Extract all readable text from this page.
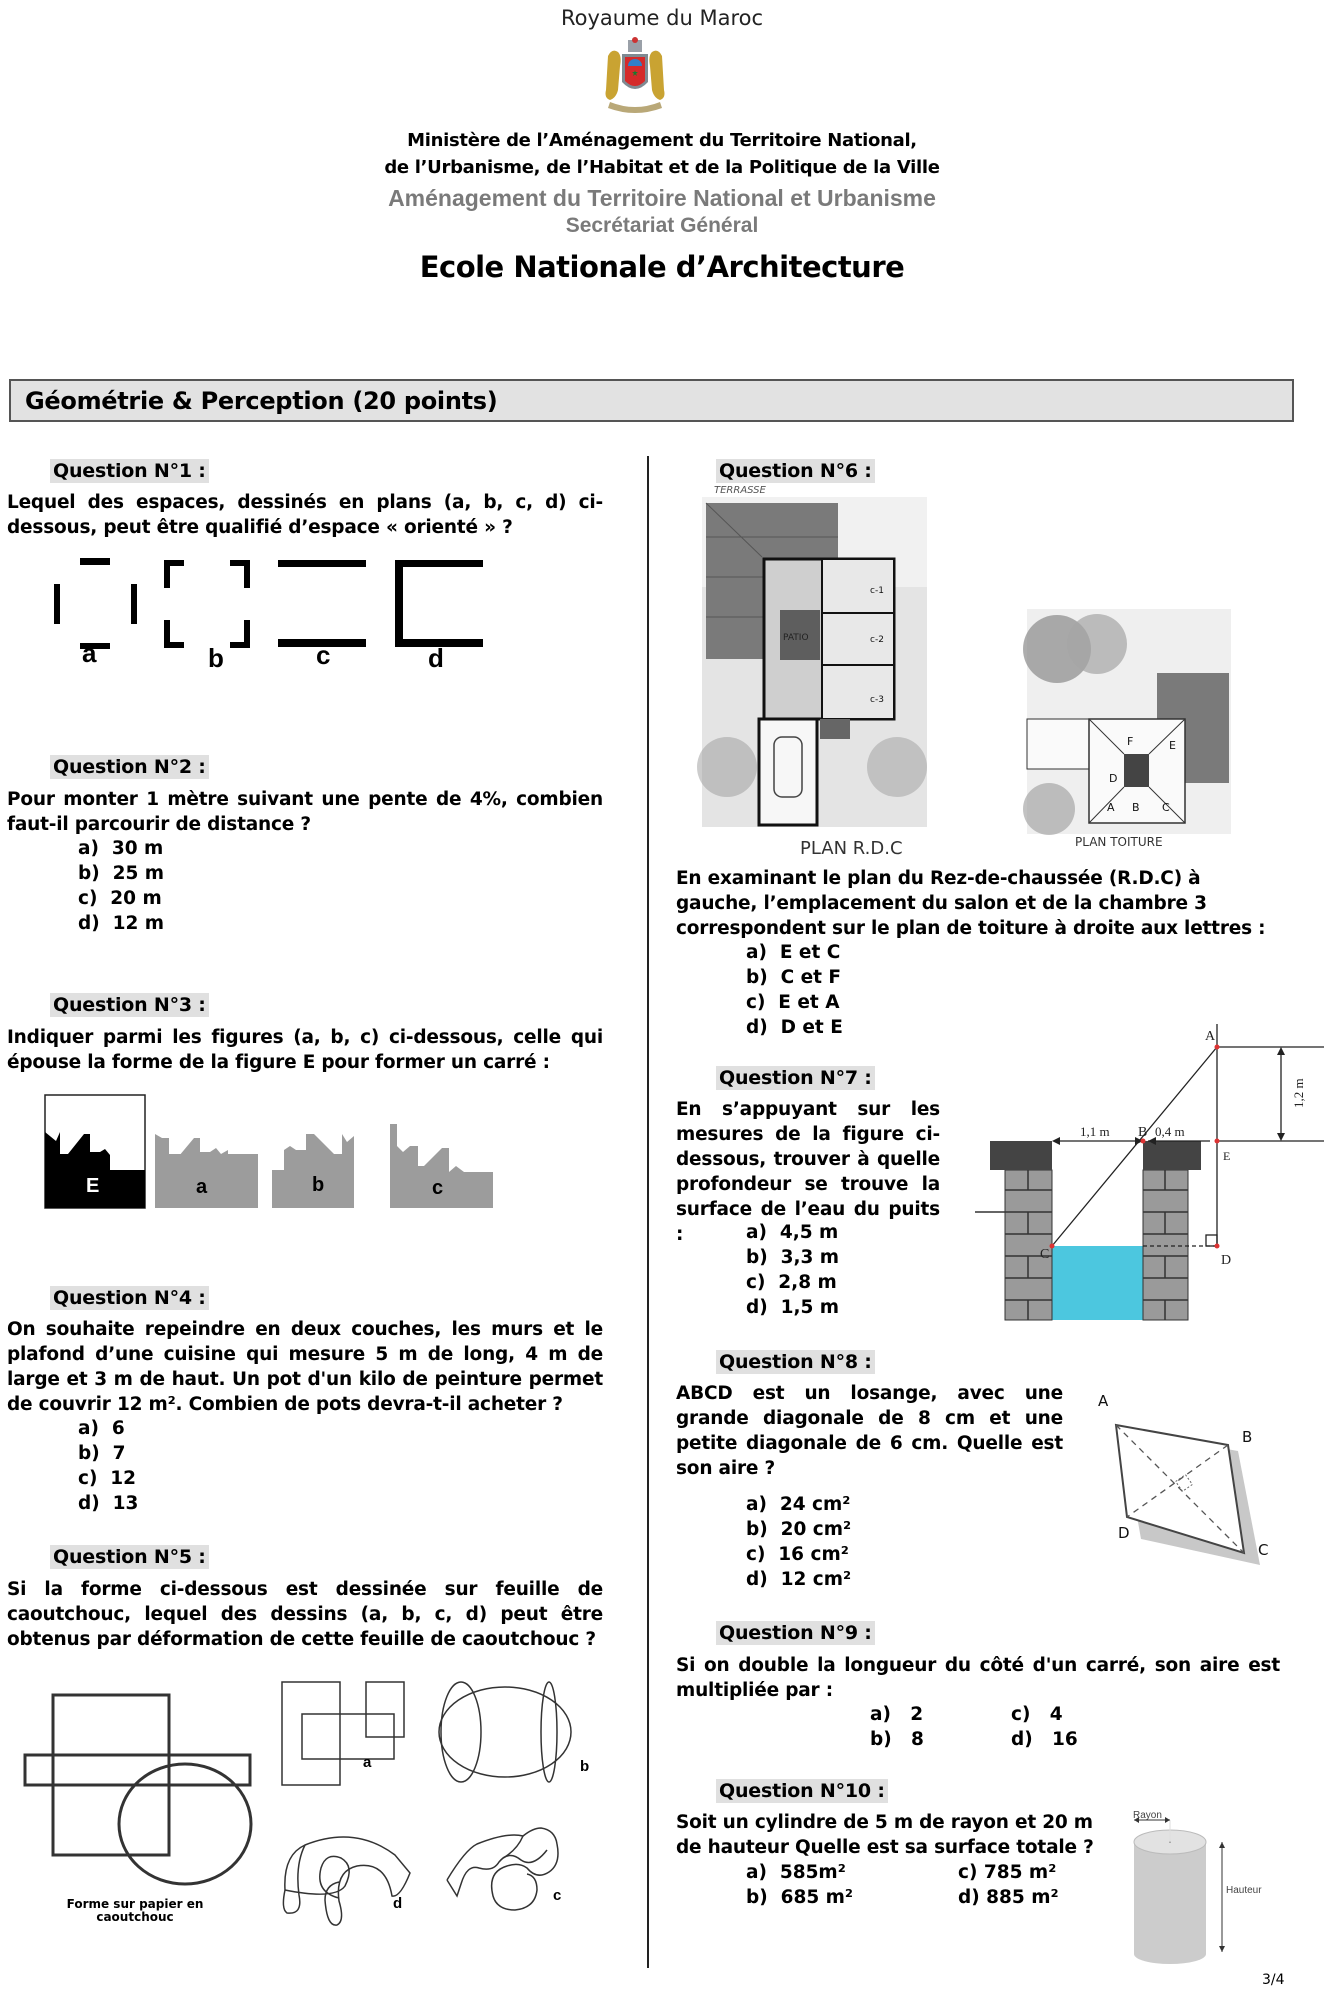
Royaume du Maroc
Ministère de l’Aménagement du Territoire National,
de l’Urbanisme, de l’Habitat et de la Politique de la Ville
Aménagement du Territoire National et Urbanisme
Secrétariat Général
Ecole Nationale d’Architecture
Géométrie & Perception (20 points)
Question N°1 :
Lequel des espaces, dessinés en plans (a, b, c, d) ci-dessous, peut être qualifié d’espace « orienté » ?
a	b	c	d
Question N°2 :
Pour monter 1 mètre suivant une pente de 4%, combien faut-il parcourir de distance ?
a)  30 m
b)  25 m
c)  20 m
d)  12 m
Question N°3 :
Indiquer parmi les figures (a, b, c) ci-dessous, celle qui épouse la forme de la figure E pour former un carré :
E	a	b	c
Question N°4 :
On souhaite repeindre en deux couches, les murs et le plafond d’une cuisine qui mesure 5 m de long, 4 m de large et 3 m de haut. Un pot d'un kilo de peinture permet de couvrir 12 m². Combien de pots devra-t-il acheter ?
a)  6
b)  7
c)  12
d)  13
Question N°5 :
Si la forme ci-dessous est dessinée sur feuille de caoutchouc, lequel des dessins (a, b, c, d) peut être obtenus par déformation de cette feuille de caoutchouc ?
Forme sur papier en caoutchouc
a	b
d	c
Question N°6 :
TERRASSE
PATIO
c-1
c-2
c-3
PLAN R.D.C
F	E
D
A B C
PLAN TOITURE
En examinant le plan du Rez-de-chaussée (R.D.C) à gauche, l’emplacement du salon et de la chambre 3 correspondent sur le plan de toiture à droite aux lettres :
a)  E et C
b)  C et F
c)  E et A
d)  D et E
Question N°7 :
En s’appuyant sur les mesures de la figure ci-dessous, trouver à quelle profondeur se trouve la surface de l’eau du puits :	a)  4,5 m
b)  3,3 m
c)  2,8 m
d)  1,5 m
A
B
C	D
E
1,1 m	0,4 m
1,2 m
Question N°8 :
ABCD est un losange, avec une grande diagonale de 8 cm et une petite diagonale de 6 cm. Quelle est son aire ?
a)  24 cm²
b)  20 cm²
c)  16 cm²
d)  12 cm²
A
B
C
D
Question N°9 :
Si on double la longueur du côté d'un carré, son aire est multipliée par :
a)   2
b)   8
c)   4
d)   16
Question N°10 :
Soit un cylindre de 5 m de rayon et 20 m de hauteur Quelle est sa surface totale ?
a)  585m²
b)  685 m²
c) 785 m²
d) 885 m²
Rayon
Hauteur
3/4
